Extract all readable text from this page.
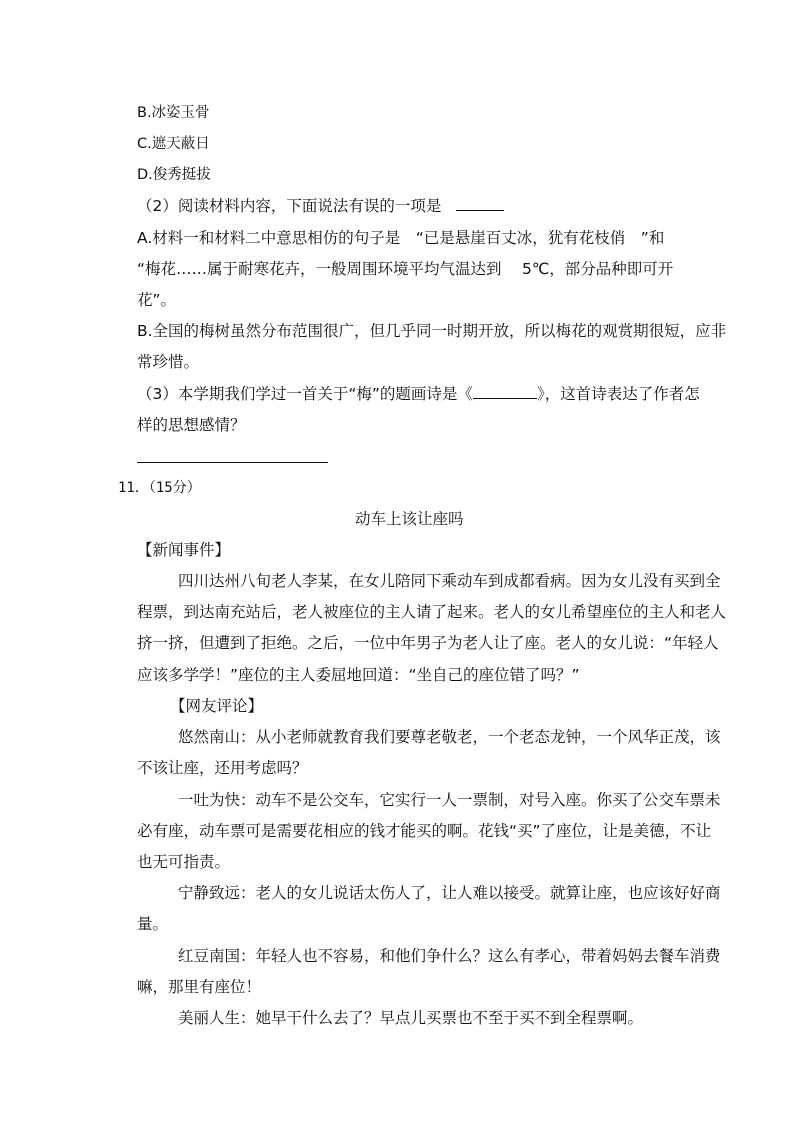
B.冰姿玉骨
C.遮天蔽日
D.俊秀挺拔
（2）阅读材料内容，下面说法有误的一项是
A.材料一和材料二中意思相仿的句子是　“已是悬崖百丈冰，犹有花枝俏　”和
“梅花……属于耐寒花卉，一般周围环境平均气温达到　 5℃，部分品种即可开
花”。
B.全国的梅树虽然分布范围很广，但几乎同一时期开放，所以梅花的观赏期很短，应非
常珍惜。
（3）本学期我们学过一首关于“梅”的题画诗是《	》，这首诗表达了作者怎
样的思想感情？
11．（15分）
动车上该让座吗
【新闻事件】
四川达州八旬老人李某，在女儿陪同下乘动车到成都看病。因为女儿没有买到全
程票，到达南充站后，老人被座位的主人请了起来。老人的女儿希望座位的主人和老人
挤一挤，但遭到了拒绝。之后，一位中年男子为老人让了座。老人的女儿说：“年轻人
应该多学学！”座位的主人委屈地回道：“坐自己的座位错了吗？”
【网友评论】
悠然南山：从小老师就教育我们要尊老敬老，一个老态龙钟，一个风华正茂，该
不该让座，还用考虑吗？
一吐为快：动车不是公交车，它实行一人一票制，对号入座。你买了公交车票未
必有座，动车票可是需要花相应的钱才能买的啊。花钱“买”了座位，让是美德，不让
也无可指责。
宁静致远：老人的女儿说话太伤人了，让人难以接受。就算让座，也应该好好商
量。
红豆南国：年轻人也不容易，和他们争什么？这么有孝心，带着妈妈去餐车消费
嘛，那里有座位！
美丽人生：她早干什么去了？早点儿买票也不至于买不到全程票啊。
